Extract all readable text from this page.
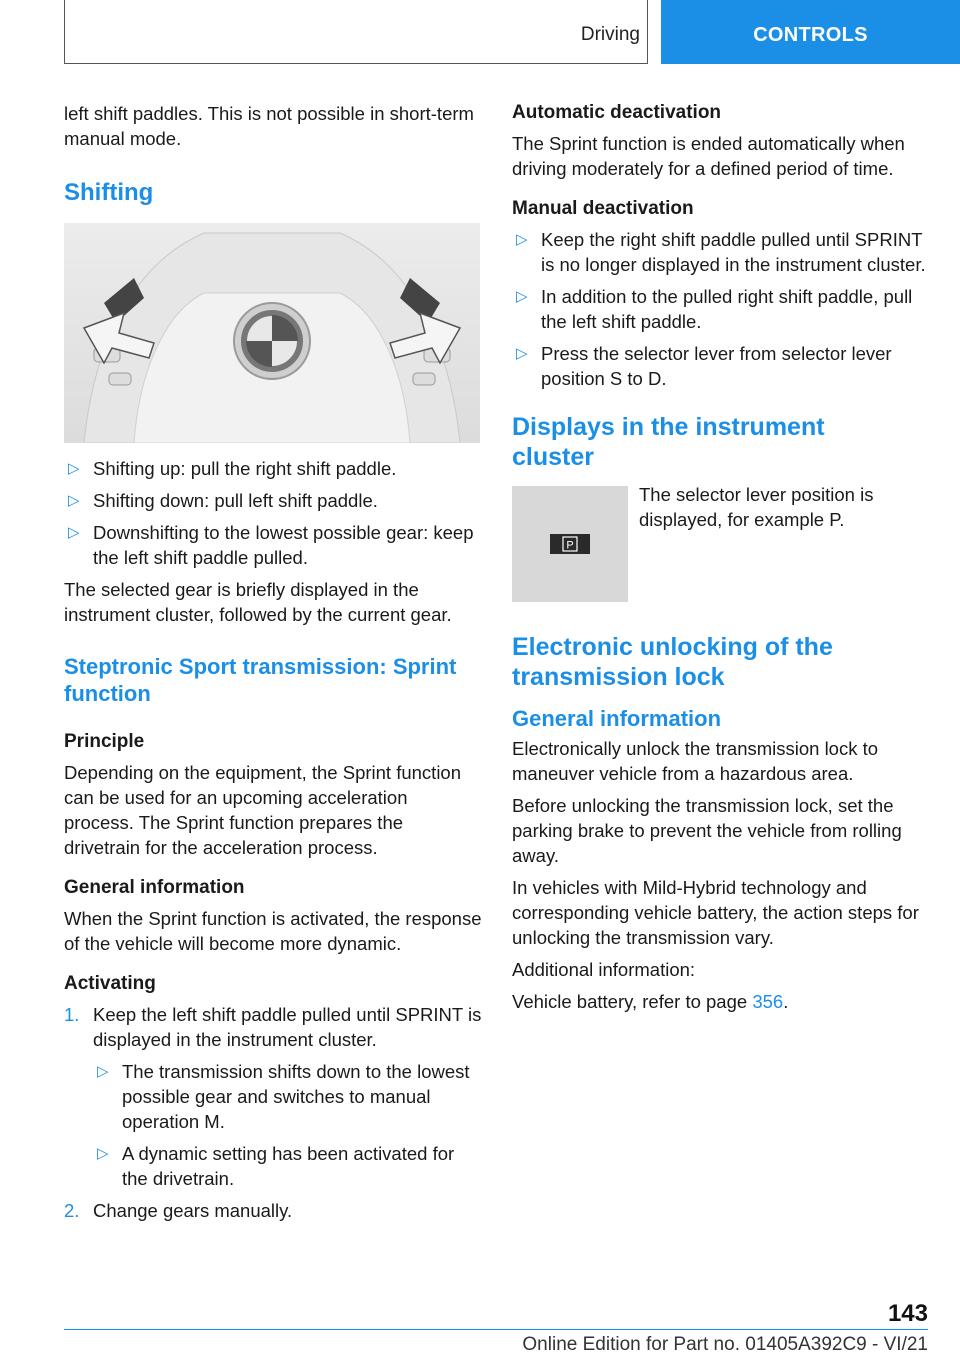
Driving	CONTROLS

left shift paddles. This is not possible in short-term manual mode.

Shifting
▷ Shifting up: pull the right shift paddle.
▷ Shifting down: pull left shift paddle.
▷ Downshifting to the lowest possible gear: keep the left shift paddle pulled.

The selected gear is briefly displayed in the instrument cluster, followed by the current gear.

Steptronic Sport transmission: Sprint function
Principle

Depending on the equipment, the Sprint function can be used for an upcoming acceleration process. The Sprint function prepares the drivetrain for the acceleration process.

General information

When the Sprint function is activated, the response of the vehicle will become more dynamic.

Activating
1. Keep the left shift paddle pulled until SPRINT is displayed in the instrument cluster.
▷ The transmission shifts down to the lowest possible gear and switches to manual operation M.
▷ A dynamic setting has been activated for the drivetrain.
2. Change gears manually.
Automatic deactivation

The Sprint function is ended automatically when driving moderately for a defined period of time.

Manual deactivation
▷ Keep the right shift paddle pulled until SPRINT is no longer displayed in the instrument cluster.
▷ In addition to the pulled right shift paddle, pull the left shift paddle.
▷ Press the selector lever from selector lever position S to D.
Displays in the instrument cluster
P

The selector lever position is displayed, for example P.

Electronic unlocking of the transmission lock
General information

Electronically unlock the transmission lock to maneuver vehicle from a hazardous area.

Before unlocking the transmission lock, set the parking brake to prevent the vehicle from rolling away.

In vehicles with Mild-Hybrid technology and corresponding vehicle battery, the action steps for unlocking the transmission vary.

Additional information:

Vehicle battery, refer to page 356.

143
Online Edition for Part no. 01405A392C9 - VI/21
